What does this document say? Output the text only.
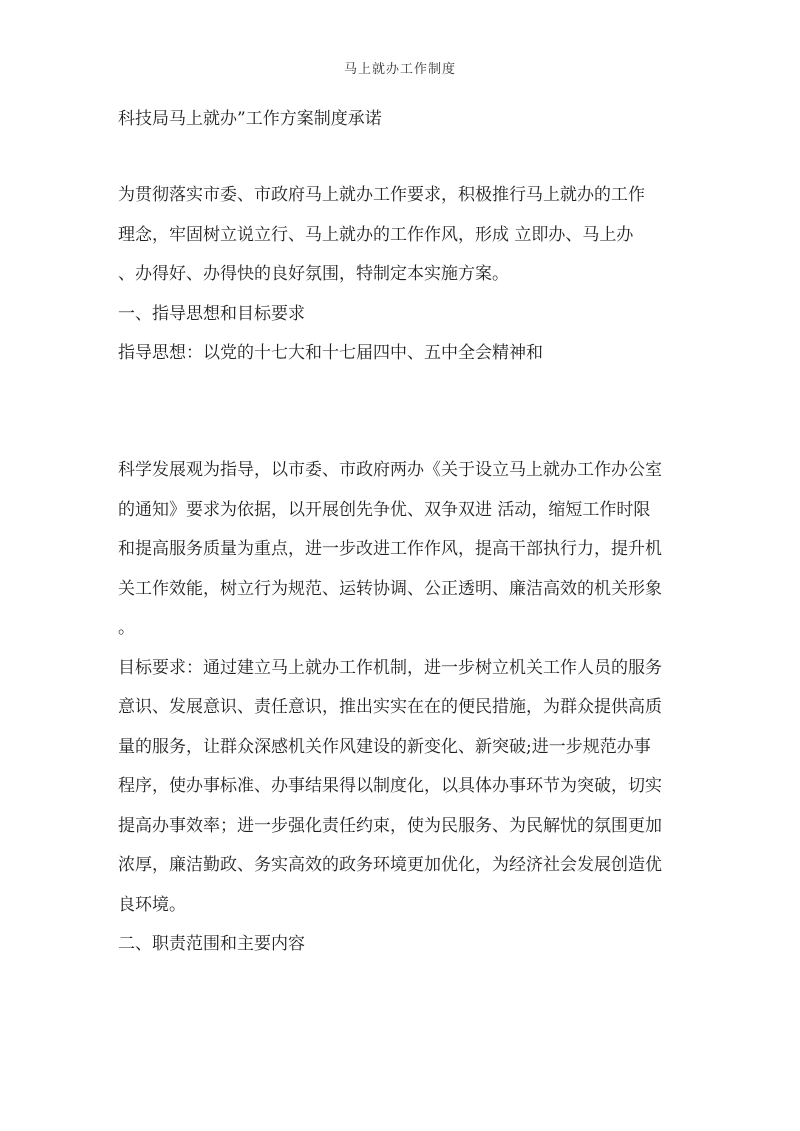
马上就办工作制度
科技局马上就办”工作方案制度承诺
为贯彻落实市委、市政府马上就办工作要求，积极推行马上就办的工作
理念，牢固树立说立行、马上就办的工作作风，形成 立即办、马上办
、办得好、办得快的良好氛围，特制定本实施方案。
一、指导思想和目标要求
指导思想：以党的十七大和十七届四中、五中全会精神和
科学发展观为指导，以市委、市政府两办《关于设立马上就办工作办公室
的通知》要求为依据，以开展创先争优、双争双进 活动，缩短工作时限
和提高服务质量为重点，进一步改进工作作风，提高干部执行力，提升机
关工作效能，树立行为规范、运转协调、公正透明、廉洁高效的机关形象
。
目标要求：通过建立马上就办工作机制，进一步树立机关工作人员的服务
意识、发展意识、责任意识，推出实实在在的便民措施，为群众提供高质
量的服务，让群众深感机关作风建设的新变化、新突破;进一步规范办事
程序，使办事标准、办事结果得以制度化，以具体办事环节为突破，切实
提高办事效率；进一步强化责任约束，使为民服务、为民解忧的氛围更加
浓厚，廉洁勤政、务实高效的政务环境更加优化，为经济社会发展创造优
良环境。
二、职责范围和主要内容
